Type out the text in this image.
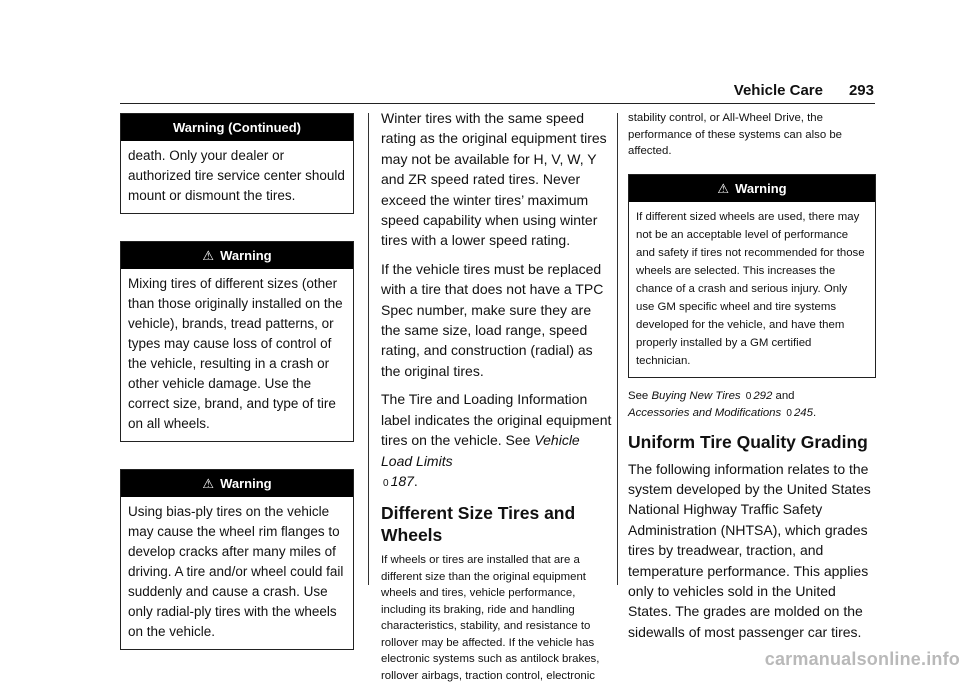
Vehicle Care 293
Warning (Continued)
death. Only your dealer or authorized tire service center should mount or dismount the tires.
⚠ Warning
Mixing tires of different sizes (other than those originally installed on the vehicle), brands, tread patterns, or types may cause loss of control of the vehicle, resulting in a crash or other vehicle damage. Use the correct size, brand, and type of tire on all wheels.
⚠ Warning
Using bias-ply tires on the vehicle may cause the wheel rim flanges to develop cracks after many miles of driving. A tire and/or wheel could fail suddenly and cause a crash. Use only radial-ply tires with the wheels on the vehicle.

Winter tires with the same speed rating as the original equipment tires may not be available for H, V, W, Y and ZR speed rated tires. Never exceed the winter tires’ maximum speed capability when using winter tires with a lower speed rating.

If the vehicle tires must be replaced with a tire that does not have a TPC Spec number, make sure they are the same size, load range, speed rating, and construction (radial) as the original tires.

The Tire and Loading Information label indicates the original equipment tires on the vehicle. See Vehicle Load Limits
0 187.

Different Size Tires and Wheels

If wheels or tires are installed that are a different size than the original equipment wheels and tires, vehicle performance, including its braking, ride and handling characteristics, stability, and resistance to rollover may be affected. If the vehicle has electronic systems such as antilock brakes, rollover airbags, traction control, electronic

stability control, or All-Wheel Drive, the performance of these systems can also be affected.

⚠ Warning
If different sized wheels are used, there may not be an acceptable level of performance and safety if tires not recommended for those wheels are selected. This increases the chance of a crash and serious injury. Only use GM specific wheel and tire systems developed for the vehicle, and have them properly installed by a GM certified technician.

See Buying New Tires 0 292 and
Accessories and Modifications 0 245.

Uniform Tire Quality Grading

The following information relates to the system developed by the United States National Highway Traffic Safety Administration (NHTSA), which grades tires by treadwear, traction, and temperature performance. This applies only to vehicles sold in the United States. The grades are molded on the sidewalls of most passenger car tires.

carmanualsonline.info
